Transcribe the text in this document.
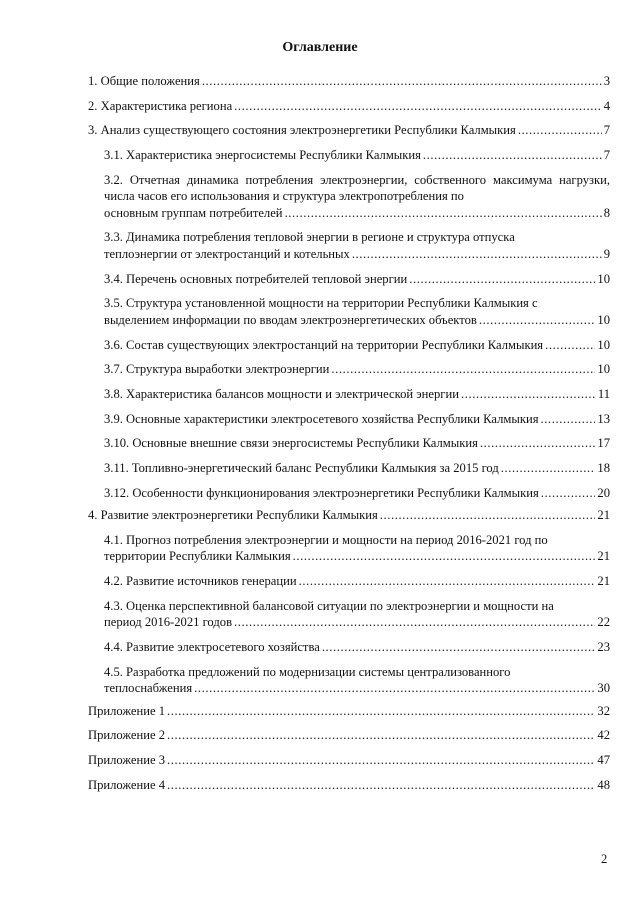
Оглавление
1. Общие положения .....	3
2. Характеристика региона .....	4
3. Анализ существующего состояния электроэнергетики Республики Калмыкия .....	7
3.1. Характеристика энергосистемы Республики Калмыкия .....	7
3.2. Отчетная динамика потребления электроэнергии, собственного максимума нагрузки, числа часов его использования и структура электропотребления по
основным группам потребителей .....	8
3.3. Динамика потребления тепловой энергии в регионе и структура отпуска
теплоэнергии от электростанций и котельных .....	9
3.4. Перечень основных потребителей тепловой энергии .....	10
3.5. Структура установленной мощности на территории Республики Калмыкия с
выделением информации по вводам электроэнергетических объектов .....	10
3.6. Состав существующих электростанций на территории Республики Калмыкия .....	10
3.7. Структура выработки электроэнергии .....	10
3.8. Характеристика балансов мощности и электрической энергии .....	11
3.9. Основные характеристики электросетевого хозяйства Республики Калмыкия .....	13
3.10. Основные внешние связи энергосистемы Республики Калмыкия .....	17
3.11. Топливно-энергетический баланс Республики Калмыкия за 2015 год .....	18
3.12. Особенности функционирования электроэнергетики Республики Калмыкия .....	20
4. Развитие электроэнергетики Республики Калмыкия .....	21
4.1. Прогноз потребления электроэнергии и мощности на период 2016-2021 год по
территории Республики Калмыкия .....	21
4.2. Развитие источников генерации .....	21
4.3. Оценка перспективной балансовой ситуации по электроэнергии и мощности на
период 2016-2021 годов .....	22
4.4. Развитие электросетевого хозяйства .....	23
4.5. Разработка предложений по модернизации системы централизованного
теплоснабжения .....	30
Приложение 1 .....	32
Приложение 2 .....	42
Приложение 3 .....	47
Приложение 4 .....	48
2
